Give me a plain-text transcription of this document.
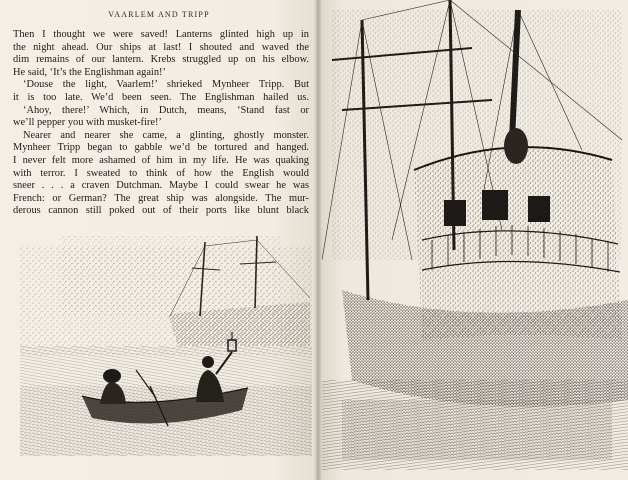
VAARLEM AND TRIPP
Then I thought we were saved! Lanterns glinted high up in
the night ahead. Our ships at last! I shouted and waved the
dim remains of our lantern. Krebs struggled up on his elbow.
He said, ‘It’s the Englishman again!’
‘Douse the light, Vaarlem!’ shrieked Mynheer Tripp. But
it is too late. We’d been seen. The Englishman hailed us.
‘Ahoy, there!’ Which, in Dutch, means, ‘Stand fast or
we’ll pepper you with musket-fire!’
Nearer and nearer she came, a glinting, ghostly monster.
Mynheer Tripp began to gabble we’d be tortured and hanged.
I never felt more ashamed of him in my life. He was quaking
with terror. I sweated to think of how the English would
sneer . . . a craven Dutchman. Maybe I could swear he was
French: or German? The great ship was alongside. The mur-
derous cannon still poked out of their ports like blunt black
